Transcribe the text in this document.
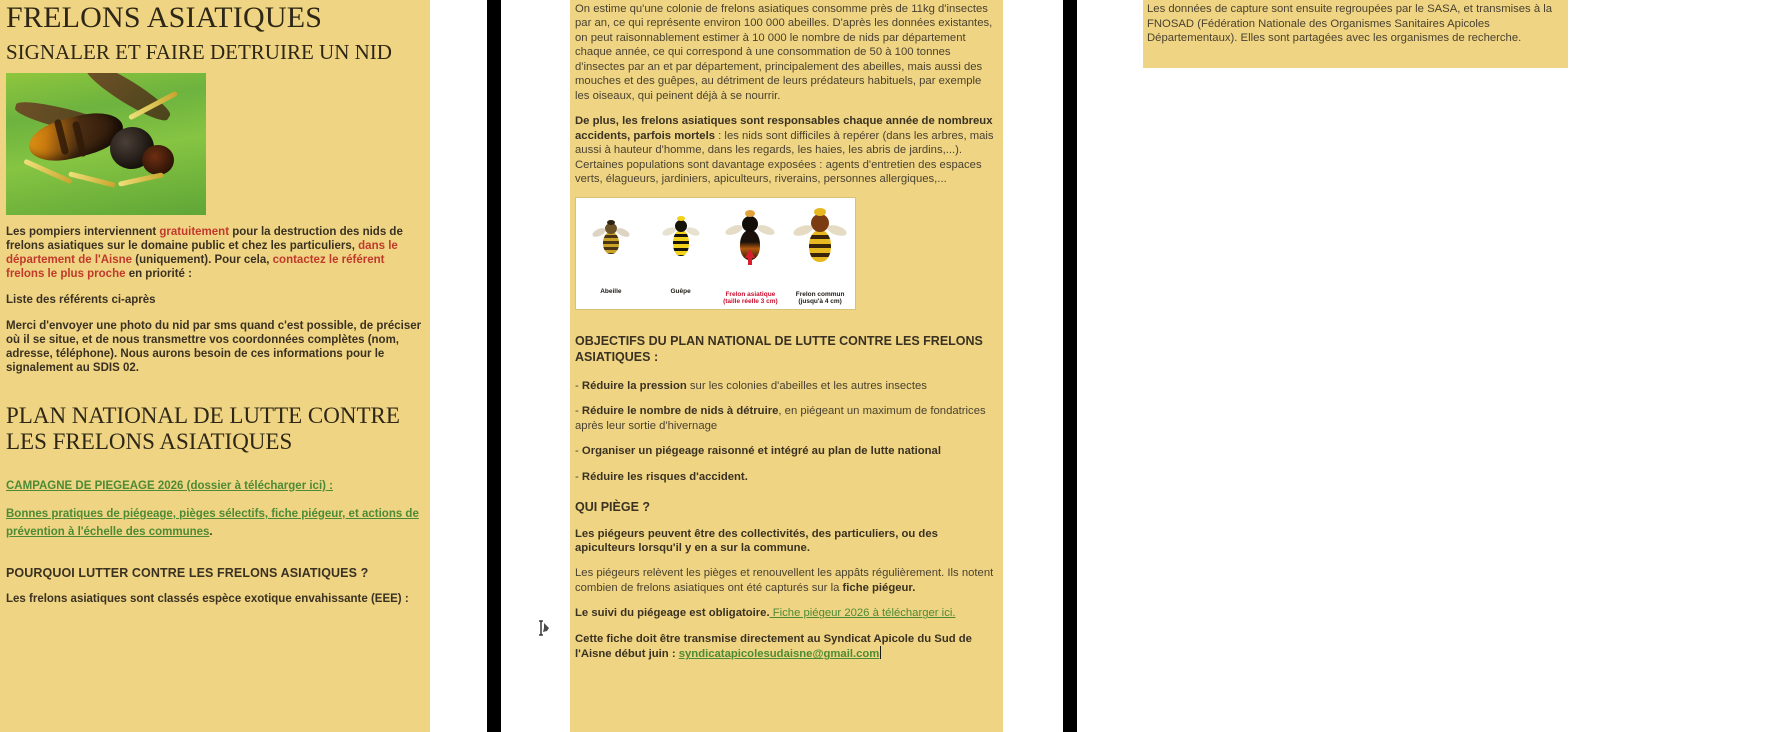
FRELONS ASIATIQUES
SIGNALER ET FAIRE DETRUIRE UN NID

Les pompiers interviennent gratuitement pour la destruction des nids de frelons asiatiques sur le domaine public et chez les particuliers, dans le département de l'Aisne (uniquement). Pour cela, contactez le référent frelons le plus proche en priorité :

Liste des référents ci-après

Merci d'envoyer une photo du nid par sms quand c'est possible, de préciser où il se situe, et de nous transmettre vos coordonnées complètes (nom, adresse, téléphone). Nous aurons besoin de ces informations pour le signalement au SDIS 02.

PLAN NATIONAL DE LUTTE CONTRE LES FRELONS ASIATIQUES
CAMPAGNE DE PIEGEAGE 2026 (dossier à télécharger ici) :

Bonnes pratiques de piégeage, pièges sélectifs, fiche piégeur, et actions de prévention à l'échelle des communes.

POURQUOI LUTTER CONTRE LES FRELONS ASIATIQUES ?

Les frelons asiatiques sont classés espèce exotique envahissante (EEE) :

On estime qu'une colonie de frelons asiatiques consomme près de 11kg d'insectes par an, ce qui représente environ 100 000 abeilles. D'après les données existantes, on peut raisonnablement estimer à 10 000 le nombre de nids par département chaque année, ce qui correspond à une consommation de 50 à 100 tonnes d'insectes par an et par département, principalement des abeilles, mais aussi des mouches et des guêpes, au détriment de leurs prédateurs habituels, par exemple les oiseaux, qui peinent déjà à se nourrir.

De plus, les frelons asiatiques sont responsables chaque année de nombreux accidents, parfois mortels : les nids sont difficiles à repérer (dans les arbres, mais aussi à hauteur d'homme, dans les regards, les haies, les abris de jardins,...). Certaines populations sont davantage exposées : agents d'entretien des espaces verts, élagueurs, jardiniers, apiculteurs, riverains, personnes allergiques,...

Abeille	Guêpe	Frelon asiatique
(taille réelle 3 cm)
Frelon commun
(jusqu'à 4 cm)
OBJECTIFS DU PLAN NATIONAL DE LUTTE CONTRE LES FRELONS ASIATIQUES :

- Réduire la pression sur les colonies d'abeilles et les autres insectes

- Réduire le nombre de nids à détruire, en piégeant un maximum de fondatrices après leur sortie d'hivernage

- Organiser un piégeage raisonné et intégré au plan de lutte national

- Réduire les risques d'accident.

QUI PIÈGE ?

Les piégeurs peuvent être des collectivités, des particuliers, ou des apiculteurs lorsqu'il y en a sur la commune.

Les piégeurs relèvent les pièges et renouvellent les appâts régulièrement. Ils notent combien de frelons asiatiques ont été capturés sur la fiche piégeur.

Le suivi du piégeage est obligatoire. Fiche piégeur 2026 à télécharger ici.

Cette fiche doit être transmise directement au Syndicat Apicole du Sud de l'Aisne début juin : syndicatapicolesudaisne@gmail.com

Les données de capture sont ensuite regroupées par le SASA, et transmises à la FNOSAD (Fédération Nationale des Organismes Sanitaires Apicoles Départementaux). Elles sont partagées avec les organismes de recherche.
